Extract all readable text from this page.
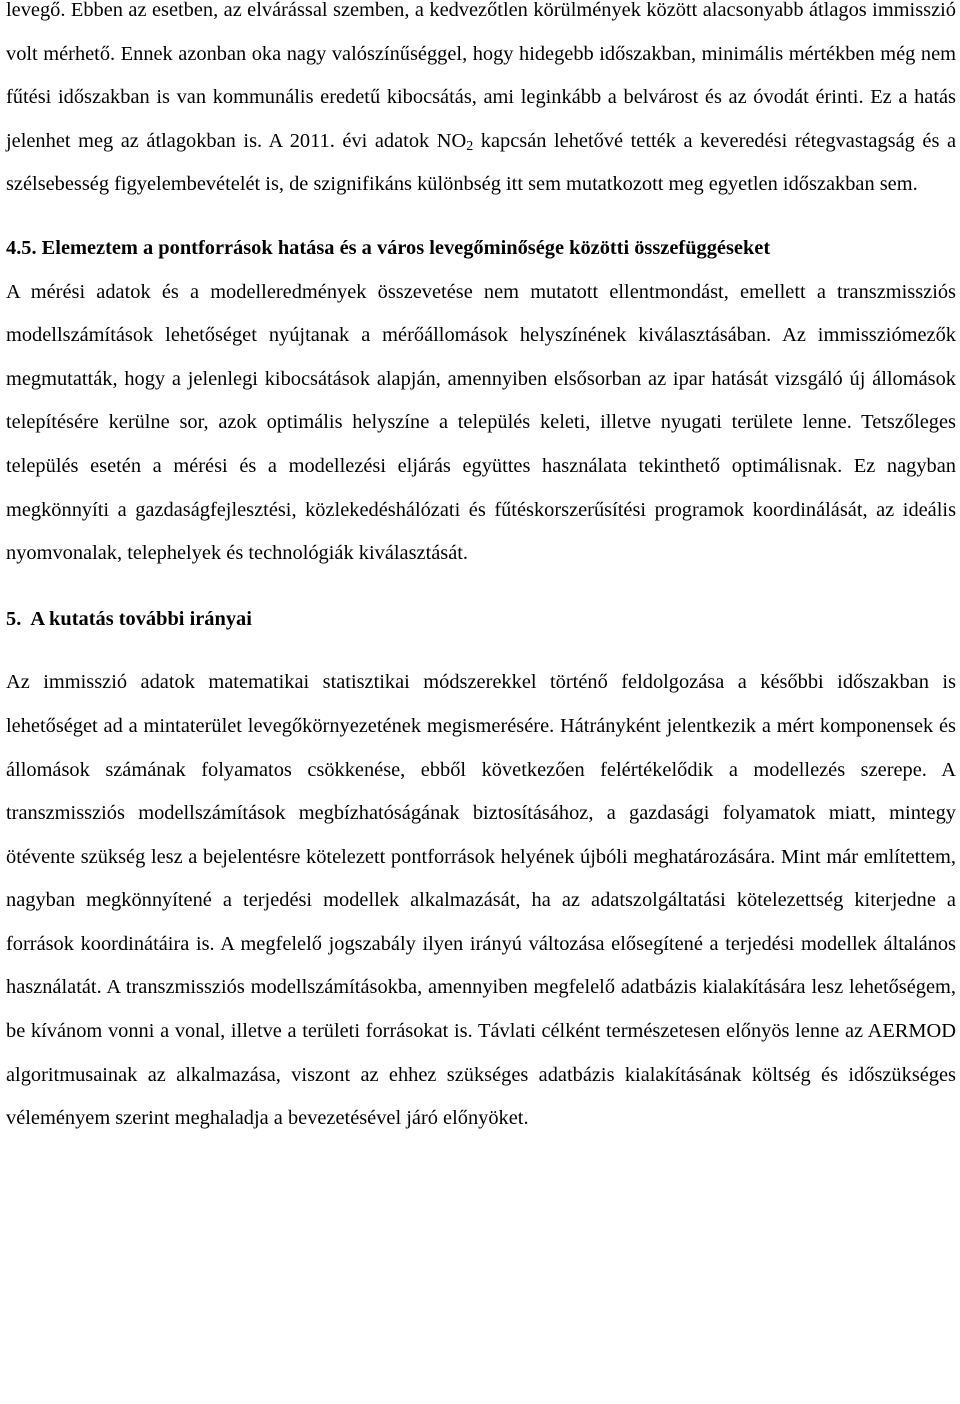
levegő. Ebben az esetben, az elvárással szemben, a kedvezőtlen körülmények között alacsonyabb átlagos immisszió volt mérhető. Ennek azonban oka nagy valószínűséggel, hogy hidegebb időszakban, minimális mértékben még nem fűtési időszakban is van kommunális eredetű kibocsátás, ami leginkább a belvárost és az óvodát érinti. Ez a hatás jelenhet meg az átlagokban is. A 2011. évi adatok $NO_2$ kapcsán lehetővé tették a keveredési rétegvastagság és a szélsebesség figyelembevételét is, de szignifikáns különbség itt sem mutatkozott meg egyetlen időszakban sem.

4.5. Elemeztem a pontforrások hatása és a város levegőminősége közötti összefüggéseket

A mérési adatok és a modelleredmények összevetése nem mutatott ellentmondást, emellett a transzmissziós modellszámítások lehetőséget nyújtanak a mérőállomások helyszínének kiválasztásában. Az immissziómezők megmutatták, hogy a jelenlegi kibocsátások alapján, amennyiben elsősorban az ipar hatását vizsgáló új állomások telepítésére kerülne sor, azok optimális helyszíne a település keleti, illetve nyugati területe lenne. Tetszőleges település esetén a mérési és a modellezési eljárás együttes használata tekinthető optimálisnak. Ez nagyban megkönnyíti a gazdaságfejlesztési, közlekedéshálózati és fűtéskorszerűsítési programok koordinálását, az ideális nyomvonalak, telephelyek és technológiák kiválasztását.

5.  A kutatás további irányai

Az immisszió adatok matematikai statisztikai módszerekkel történő feldolgozása a későbbi időszakban is lehetőséget ad a mintaterület levegőkörnyezetének megismerésére. Hátrányként jelentkezik a mért komponensek és állomások számának folyamatos csökkenése, ebből következően felértékelődik a modellezés szerepe. A transzmissziós modellszámítások megbízhatóságának biztosításához, a gazdasági folyamatok miatt, mintegy ötévente szükség lesz a bejelentésre kötelezett pontforrások helyének újbóli meghatározására. Mint már említettem, nagyban megkönnyítené a terjedési modellek alkalmazását, ha az adatszolgáltatási kötelezettség kiterjedne a források koordinátáira is. A megfelelő jogszabály ilyen irányú változása elősegítené a terjedési modellek általános használatát. A transzmissziós modellszámításokba, amennyiben megfelelő adatbázis kialakítására lesz lehetőségem, be kívánom vonni a vonal, illetve a területi forrásokat is. Távlati célként természetesen előnyös lenne az AERMOD algoritmusainak az alkalmazása, viszont az ehhez szükséges adatbázis kialakításának költség és időszükséges véleményem szerint meghaladja a bevezetésével járó előnyöket.
